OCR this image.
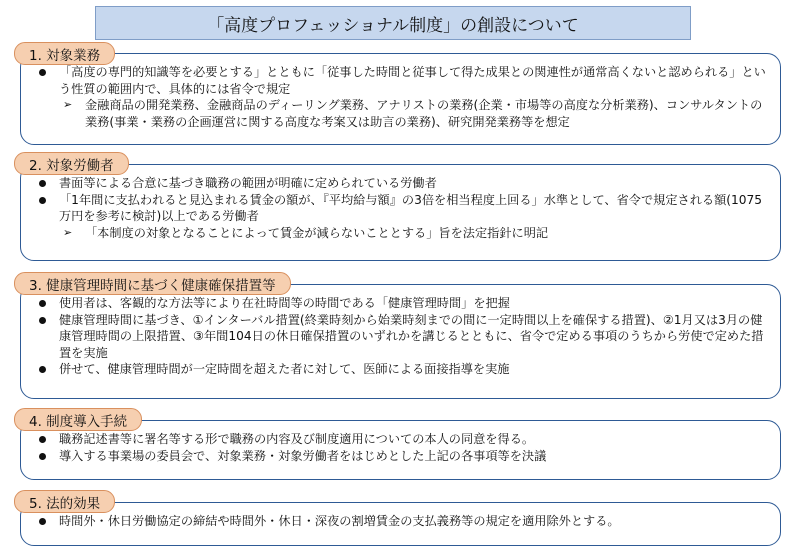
「高度プロフェッショナル制度」の創設について
1. 対象業務
「高度の専門的知識等を必要とする」とともに「従事した時間と従事して得た成果との関連性が通常高くないと認められる」という性質の範囲内で、具体的には省令で規定
➢ 金融商品の開発業務、金融商品のディーリング業務、アナリストの業務(企業・市場等の高度な分析業務)、コンサルタントの業務(事業・業務の企画運営に関する高度な考案又は助言の業務)、研究開発業務等を想定
2. 対象労働者
書面等による合意に基づき職務の範囲が明確に定められている労働者
「1年間に支払われると見込まれる賃金の額が、『平均給与額』の3倍を相当程度上回る」水準として、省令で規定される額(1075万円を参考に検討)以上である労働者
➢ 「本制度の対象となることによって賃金が減らないこととする」旨を法定指針に明記
3. 健康管理時間に基づく健康確保措置等
使用者は、客観的な方法等により在社時間等の時間である「健康管理時間」を把握
健康管理時間に基づき、①インターバル措置(終業時刻から始業時刻までの間に一定時間以上を確保する措置)、②1月又は3月の健康管理時間の上限措置、③年間104日の休日確保措置のいずれかを講じるとともに、省令で定める事項のうちから労使で定めた措置を実施
併せて、健康管理時間が一定時間を超えた者に対して、医師による面接指導を実施
4. 制度導入手続
職務記述書等に署名等する形で職務の内容及び制度適用についての本人の同意を得る。
導入する事業場の委員会で、対象業務・対象労働者をはじめとした上記の各事項等を決議
5. 法的効果
時間外・休日労働協定の締結や時間外・休日・深夜の割増賃金の支払義務等の規定を適用除外とする。
